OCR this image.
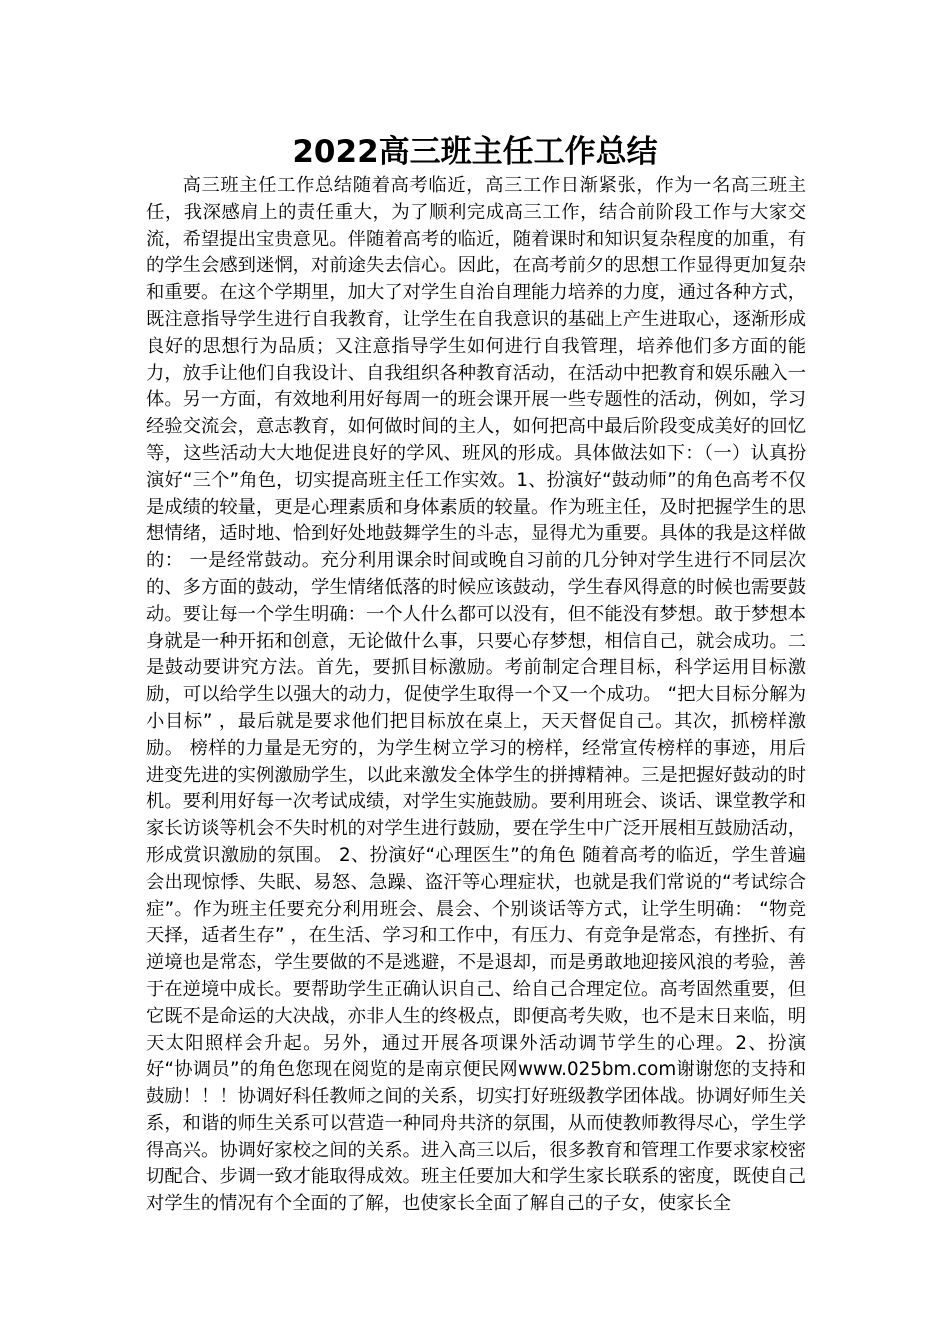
2022高三班主任工作总结

高三班主任工作总结随着高考临近，高三工作日渐紧张，作为一名高三班主任，我深感肩上的责任重大，为了顺利完成高三工作，结合前阶段工作与大家交流，希望提出宝贵意见。伴随着高考的临近，随着课时和知识复杂程度的加重，有的学生会感到迷惘，对前途失去信心。因此，在高考前夕的思想工作显得更加复杂和重要。在这个学期里，加大了对学生自治自理能力培养的力度，通过各种方式，既注意指导学生进行自我教育，让学生在自我意识的基础上产生进取心，逐渐形成良好的思想行为品质；又注意指导学生如何进行自我管理，培养他们多方面的能力，放手让他们自我设计、自我组织各种教育活动，在活动中把教育和娱乐融入一体。另一方面，有效地利用好每周一的班会课开展一些专题性的活动，例如，学习经验交流会，意志教育，如何做时间的主人，如何把高中最后阶段变成美好的回忆等，这些活动大大地促进良好的学风、班风的形成。具体做法如下：（一）认真扮演好“三个”角色，切实提高班主任工作实效。1、扮演好“鼓动师”的角色高考不仅是成绩的较量，更是心理素质和身体素质的较量。作为班主任，及时把握学生的思想情绪，适时地、恰到好处地鼓舞学生的斗志，显得尤为重要。具体的我是这样做的： 一是经常鼓动。充分利用课余时间或晚自习前的几分钟对学生进行不同层次的、多方面的鼓动，学生情绪低落的时候应该鼓动，学生春风得意的时候也需要鼓动。要让每一个学生明确：一个人什么都可以没有，但不能没有梦想。敢于梦想本身就是一种开拓和创意，无论做什么事，只要心存梦想，相信自己，就会成功。二是鼓动要讲究方法。首先，要抓目标激励。考前制定合理目标，科学运用目标激励，可以给学生以强大的动力，促使学生取得一个又一个成功。 “把大目标分解为小目标” ，最后就是要求他们把目标放在桌上，天天督促自己。其次，抓榜样激励。 榜样的力量是无穷的，为学生树立学习的榜样，经常宣传榜样的事迹，用后进变先进的实例激励学生，以此来激发全体学生的拼搏精神。三是把握好鼓动的时机。要利用好每一次考试成绩，对学生实施鼓励。要利用班会、谈话、课堂教学和家长访谈等机会不失时机的对学生进行鼓励，要在学生中广泛开展相互鼓励活动，形成赏识激励的氛围。 2、扮演好“心理医生”的角色 随着高考的临近，学生普遍会出现惊悸、失眠、易怒、急躁、盗汗等心理症状，也就是我们常说的“考试综合症”。作为班主任要充分利用班会、晨会、个别谈话等方式，让学生明确： “物竞天择，适者生存” ，在生活、学习和工作中，有压力、有竞争是常态，有挫折、有逆境也是常态，学生要做的不是逃避，不是退却，而是勇敢地迎接风浪的考验，善于在逆境中成长。要帮助学生正确认识自己、给自己合理定位。高考固然重要，但它既不是命运的大决战，亦非人生的终极点，即便高考失败，也不是末日来临，明天太阳照样会升起。另外，通过开展各项课外活动调节学生的心理。2、扮演好“协调员”的角色您现在阅览的是南京便民网www.025bm.com谢谢您的支持和鼓励！！！协调好科任教师之间的关系，切实打好班级教学团体战。协调好师生关系，和谐的师生关系可以营造一种同舟共济的氛围，从而使教师教得尽心，学生学得高兴。协调好家校之间的关系。进入高三以后，很多教育和管理工作要求家校密切配合、步调一致才能取得成效。班主任要加大和学生家长联系的密度，既使自己对学生的情况有个全面的了解，也使家长全面了解自己的子女，使家长全
